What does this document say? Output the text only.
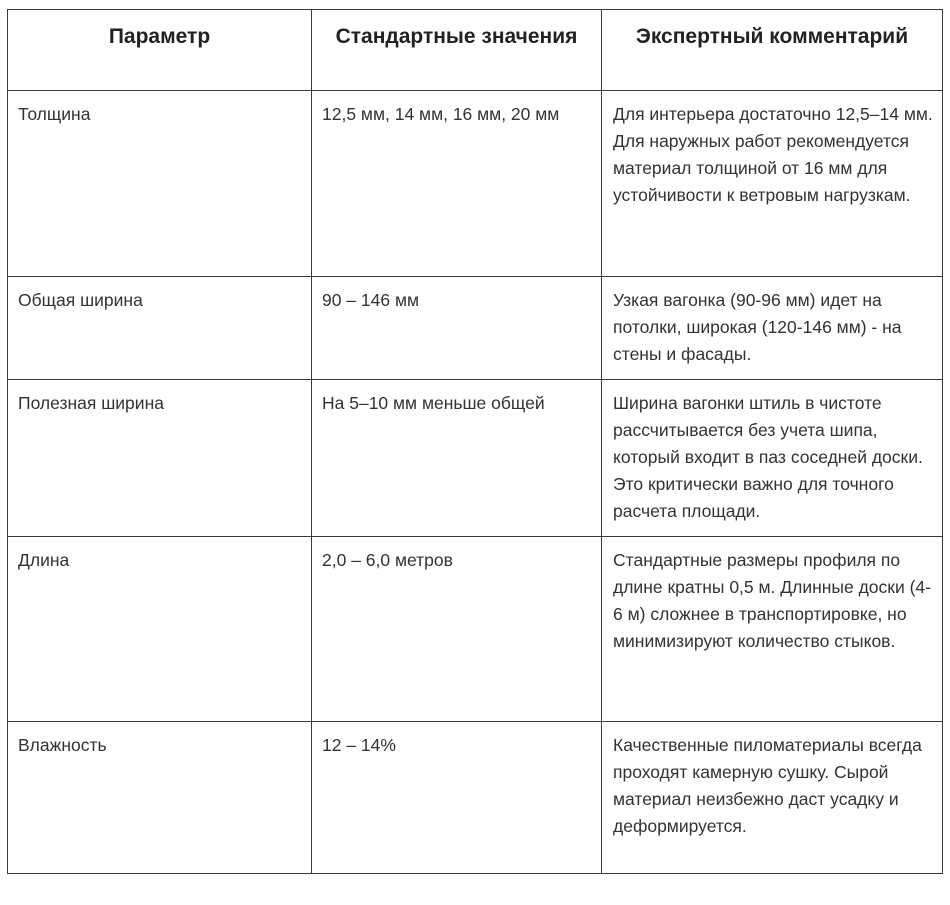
Параметр	Стандартные значения	Экспертный комментарий
Толщина	12,5 мм, 14 мм, 16 мм, 20 мм	Для интерьера достаточно 12,5–14 мм. Для наружных работ рекомендуется материал толщиной от 16 мм для устойчивости к ветровым нагрузкам.
Общая ширина	90 – 146 мм	Узкая вагонка (90-96 мм) идет на потолки, широкая (120-146 мм) - на стены и фасады.
Полезная ширина	На 5–10 мм меньше общей	Ширина вагонки штиль в чистоте рассчитывается без учета шипа, который входит в паз соседней доски. Это критически важно для точного расчета площади.
Длина	2,0 – 6,0 метров	Стандартные размеры профиля по длине кратны 0,5 м. Длинные доски (4-6 м) сложнее в транспортировке, но минимизируют количество стыков.
Влажность	12 – 14%	Качественные пиломатериалы всегда проходят камерную сушку. Сырой материал неизбежно даст усадку и деформируется.
